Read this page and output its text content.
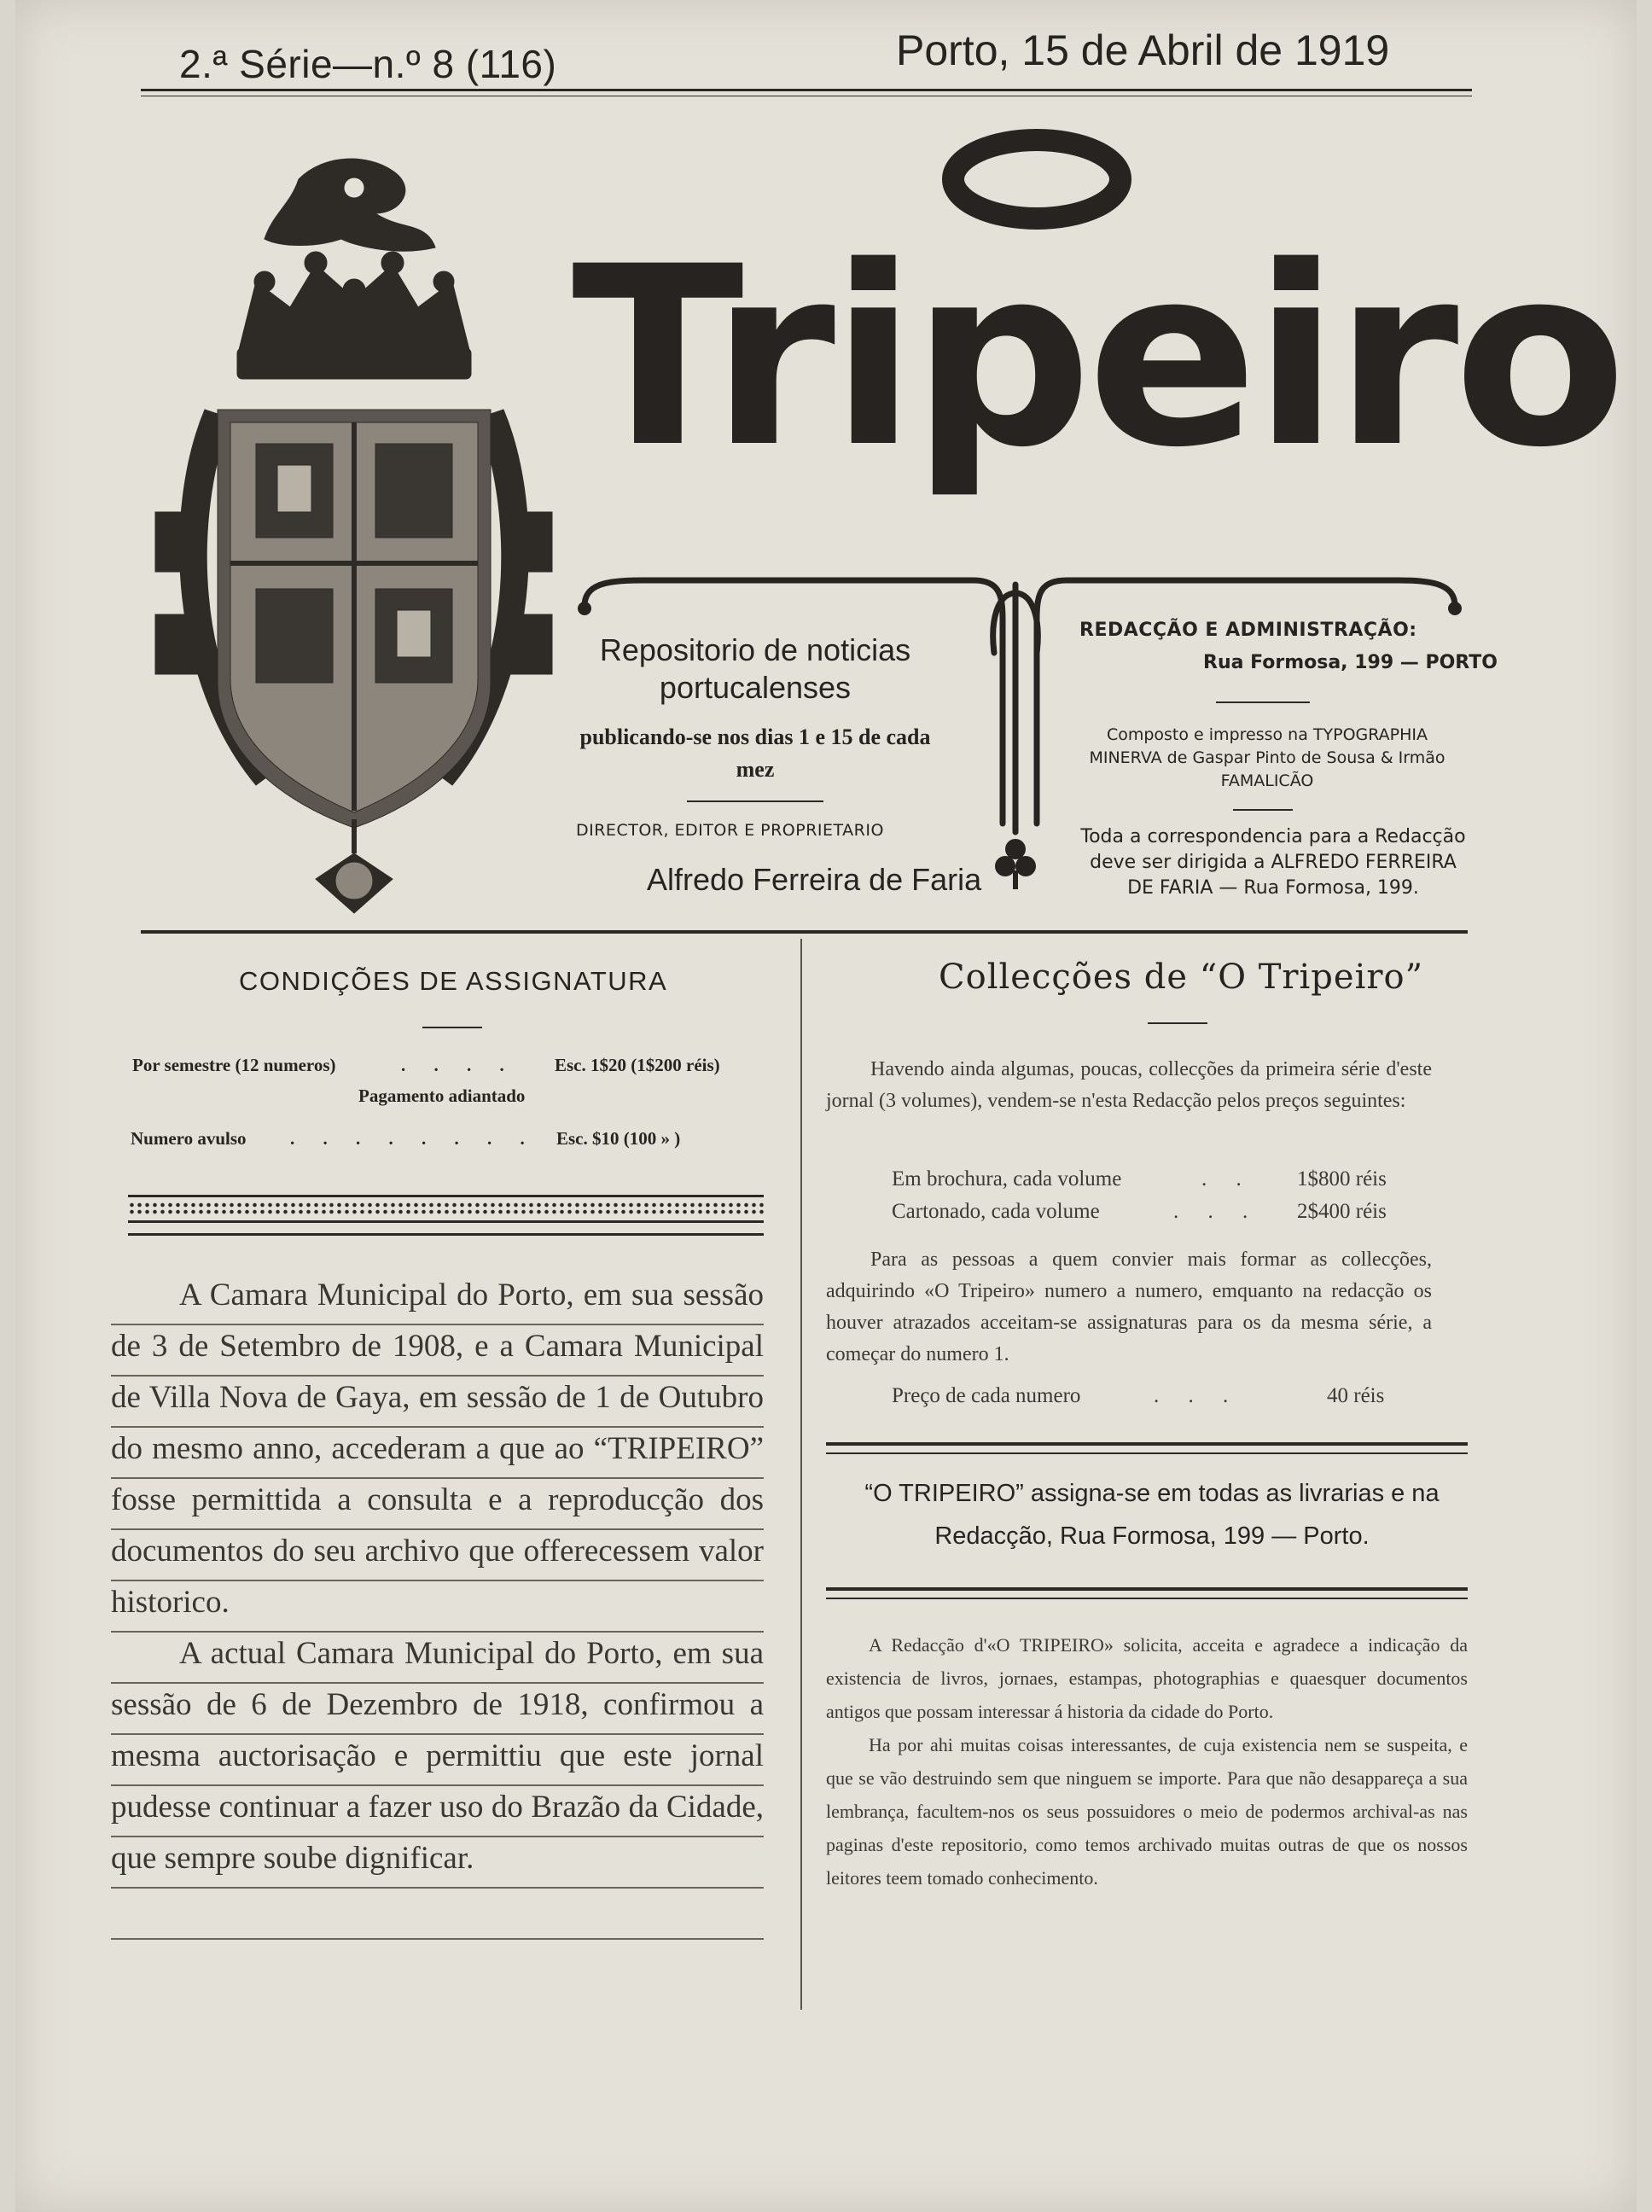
2.ª Série—n.º 8 (116)	Porto, 15 de Abril de 1919
Tripeiro
Repositorio de noticias portucalenses
publicando-se nos dias 1 e 15 de cada mez
DIRECTOR, EDITOR E PROPRIETARIO
Alfredo Ferreira de Faria
REDACÇÃO E ADMINISTRAÇÃO:
Rua Formosa, 199 — PORTO
Composto e impresso na TYPOGRAPHIA MINERVA de Gaspar Pinto de Sousa & Irmão FAMALICÃO
Toda a correspondencia para a Redacção deve ser dirigida a ALFREDO FERREIRA DE FARIA — Rua Formosa, 199.
CONDIÇÕES DE ASSIGNATURA
Por semestre (12 numeros)	. . . . Esc. 1$20 (1$200 réis)
Pagamento adiantado
Numero avulso . . . . . . . . Esc. $10 (100 » )

A Camara Municipal do Porto, em sua sessão de 3 de Setembro de 1908, e a Camara Municipal de Villa Nova de Gaya, em sessão de 1 de Outubro do mesmo anno, accederam a que ao “TRIPEIRO” fosse permittida a consulta e a reproducção dos documentos do seu archivo que offerecessem valor historico.

A actual Camara Municipal do Porto, em sua sessão de 6 de Dezembro de 1918, confirmou a mesma auctorisação e permittiu que este jornal pudesse continuar a fazer uso do Brazão da Cidade, que sempre soube dignificar.

Collecções de “O Tripeiro”

Havendo ainda algumas, poucas, collecções da primeira série d'este jornal (3 volumes), vendem-se n'esta Redacção pelos preços seguintes:

Em brochura, cada volume	. . 1$800 réis
Cartonado, cada volume	. . . 2$400 réis

Para as pessoas a quem convier mais formar as collecções, adquirindo «O Tripeiro» numero a numero, emquanto na redacção os houver atrazados acceitam-se assignaturas para os da mesma série, a começar do numero 1.

Preço de cada numero	. . .	40 réis
“O TRIPEIRO” assigna-se em todas as livrarias e na Redacção, Rua Formosa, 199 — Porto.

A Redacção d'«O TRIPEIRO» solicita, acceita e agradece a indicação da existencia de livros, jornaes, estampas, photographias e quaesquer documentos antigos que possam interessar á historia da cidade do Porto.

Ha por ahi muitas coisas interessantes, de cuja existencia nem se suspeita, e que se vão destruindo sem que ninguem se importe. Para que não desappareça a sua lembrança, facultem-nos os seus possuidores o meio de podermos archival-as nas paginas d'este repositorio, como temos archivado muitas outras de que os nossos leitores teem tomado conhecimento.
